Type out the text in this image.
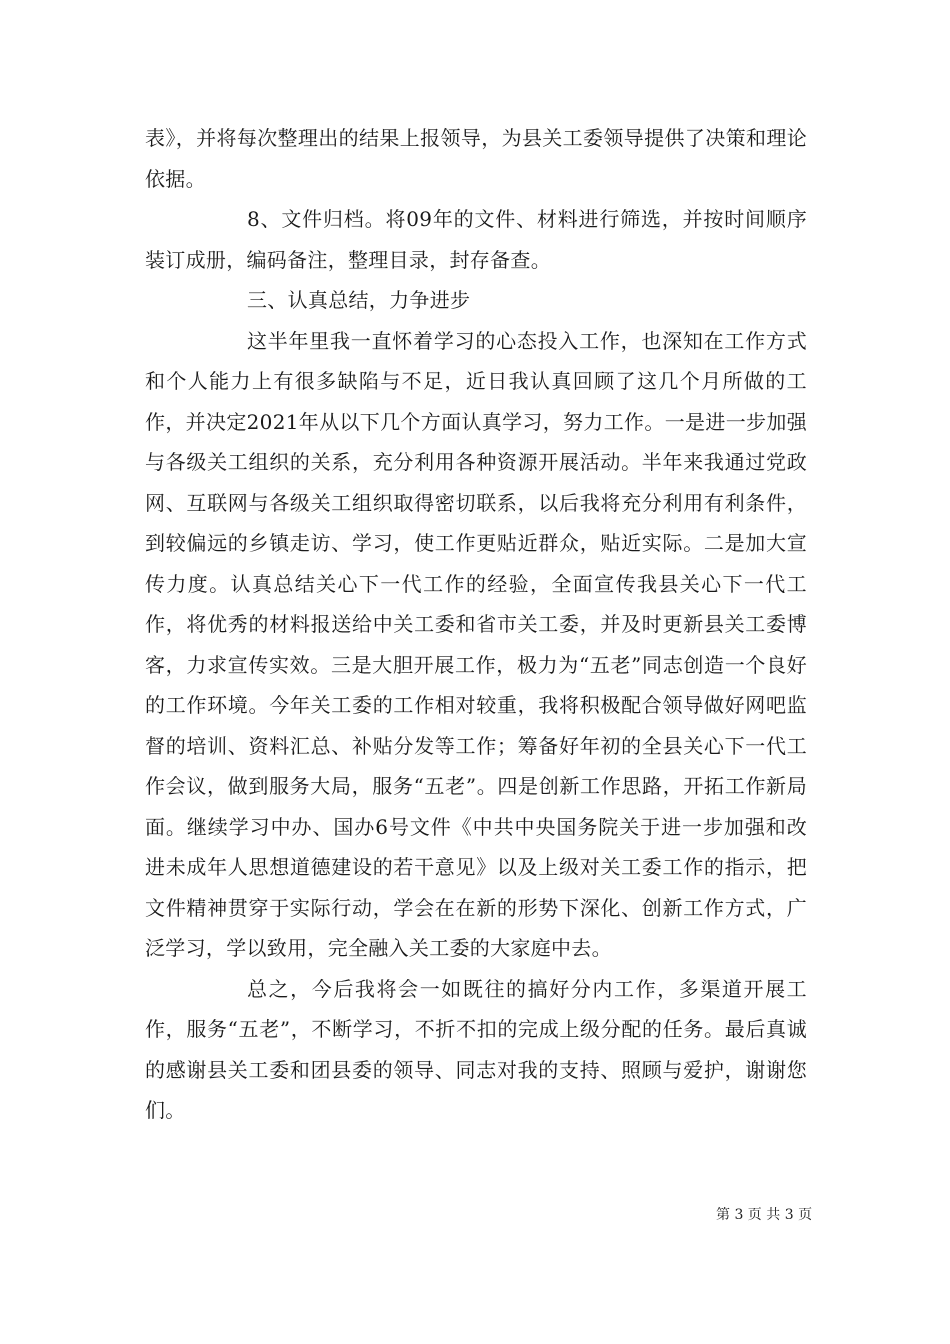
表》，并将每次整理出的结果上报领导，为县关工委领导提供了决策和理论依据。

8、文件归档。将09年的文件、材料进行筛选，并按时间顺序装订成册，编码备注，整理目录，封存备查。

三、认真总结，力争进步

这半年里我一直怀着学习的心态投入工作，也深知在工作方式和个人能力上有很多缺陷与不足，近日我认真回顾了这几个月所做的工作，并决定2021年从以下几个方面认真学习，努力工作。一是进一步加强与各级关工组织的关系，充分利用各种资源开展活动。半年来我通过党政网、互联网与各级关工组织取得密切联系，以后我将充分利用有利条件，到较偏远的乡镇走访、学习，使工作更贴近群众，贴近实际。二是加大宣传力度。认真总结关心下一代工作的经验，全面宣传我县关心下一代工作，将优秀的材料报送给中关工委和省市关工委，并及时更新县关工委博客，力求宣传实效。三是大胆开展工作，极力为“五老”同志创造一个良好的工作环境。今年关工委的工作相对较重，我将积极配合领导做好网吧监督的培训、资料汇总、补贴分发等工作；筹备好年初的全县关心下一代工作会议，做到服务大局，服务“五老”。四是创新工作思路，开拓工作新局面。继续学习中办、国办6号文件《中共中央国务院关于进一步加强和改进未成年人思想道德建设的若干意见》以及上级对关工委工作的指示，把文件精神贯穿于实际行动，学会在在新的形势下深化、创新工作方式，广泛学习，学以致用，完全融入关工委的大家庭中去。

总之，今后我将会一如既往的搞好分内工作，多渠道开展工作，服务“五老”，不断学习，不折不扣的完成上级分配的任务。最后真诚的感谢县关工委和团县委的领导、同志对我的支持、照顾与爱护，谢谢您们。

第 3 页 共 3 页
